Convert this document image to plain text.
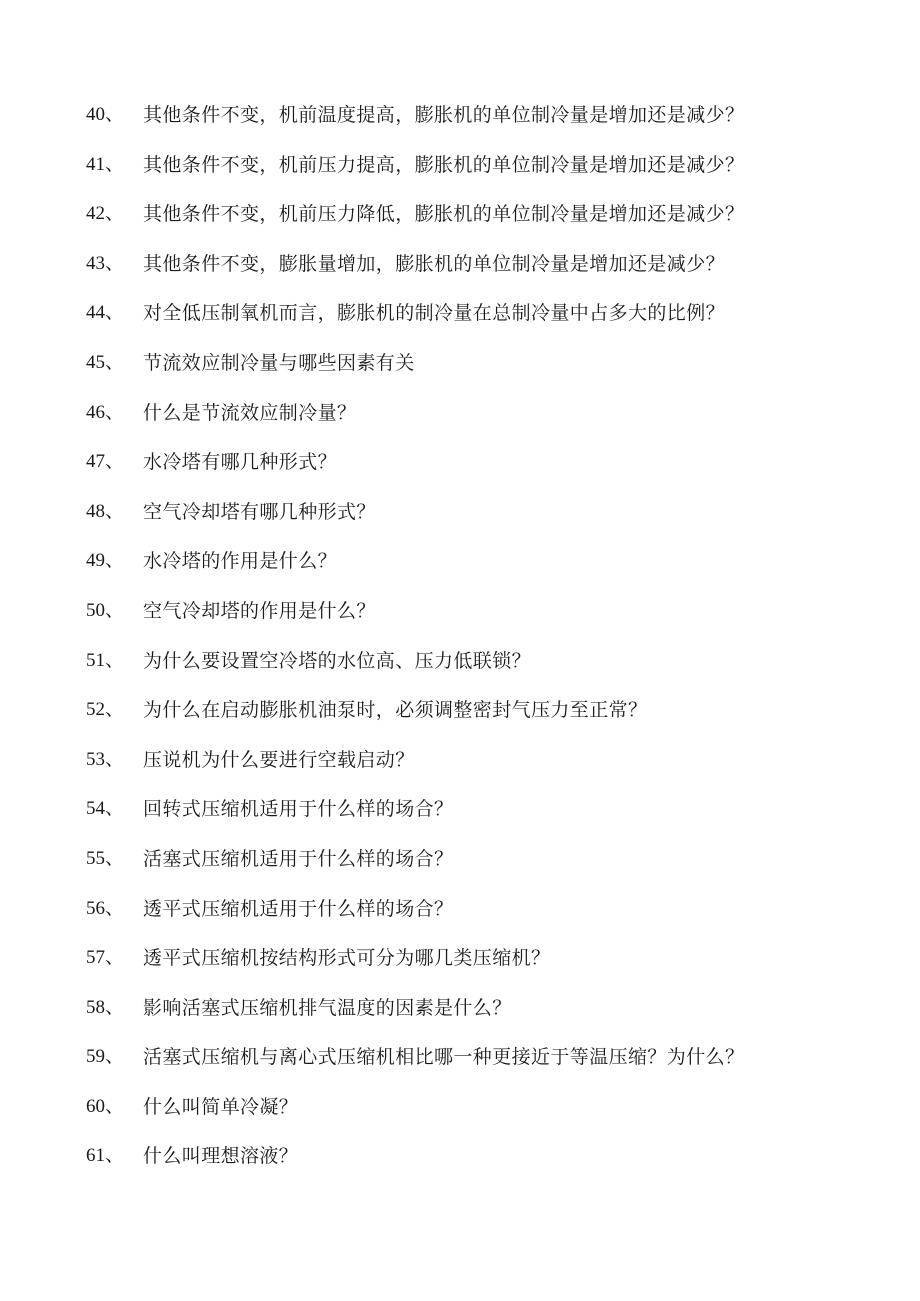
40、 其他条件不变，机前温度提高，膨胀机的单位制冷量是增加还是减少？
41、 其他条件不变，机前压力提高，膨胀机的单位制冷量是增加还是减少？
42、 其他条件不变，机前压力降低，膨胀机的单位制冷量是增加还是减少？
43、 其他条件不变，膨胀量增加，膨胀机的单位制冷量是增加还是减少？
44、 对全低压制氧机而言，膨胀机的制冷量在总制冷量中占多大的比例？
45、 节流效应制冷量与哪些因素有关
46、 什么是节流效应制冷量？
47、 水冷塔有哪几种形式？
48、 空气冷却塔有哪几种形式？
49、 水冷塔的作用是什么？
50、 空气冷却塔的作用是什么？
51、 为什么要设置空冷塔的水位高、压力低联锁？
52、 为什么在启动膨胀机油泵时，必须调整密封气压力至正常？
53、 压说机为什么要进行空载启动？
54、 回转式压缩机适用于什么样的场合？
55、 活塞式压缩机适用于什么样的场合？
56、 透平式压缩机适用于什么样的场合？
57、 透平式压缩机按结构形式可分为哪几类压缩机？
58、 影响活塞式压缩机排气温度的因素是什么？
59、 活塞式压缩机与离心式压缩机相比哪一种更接近于等温压缩？为什么？
60、 什么叫简单冷凝？
61、 什么叫理想溶液？
